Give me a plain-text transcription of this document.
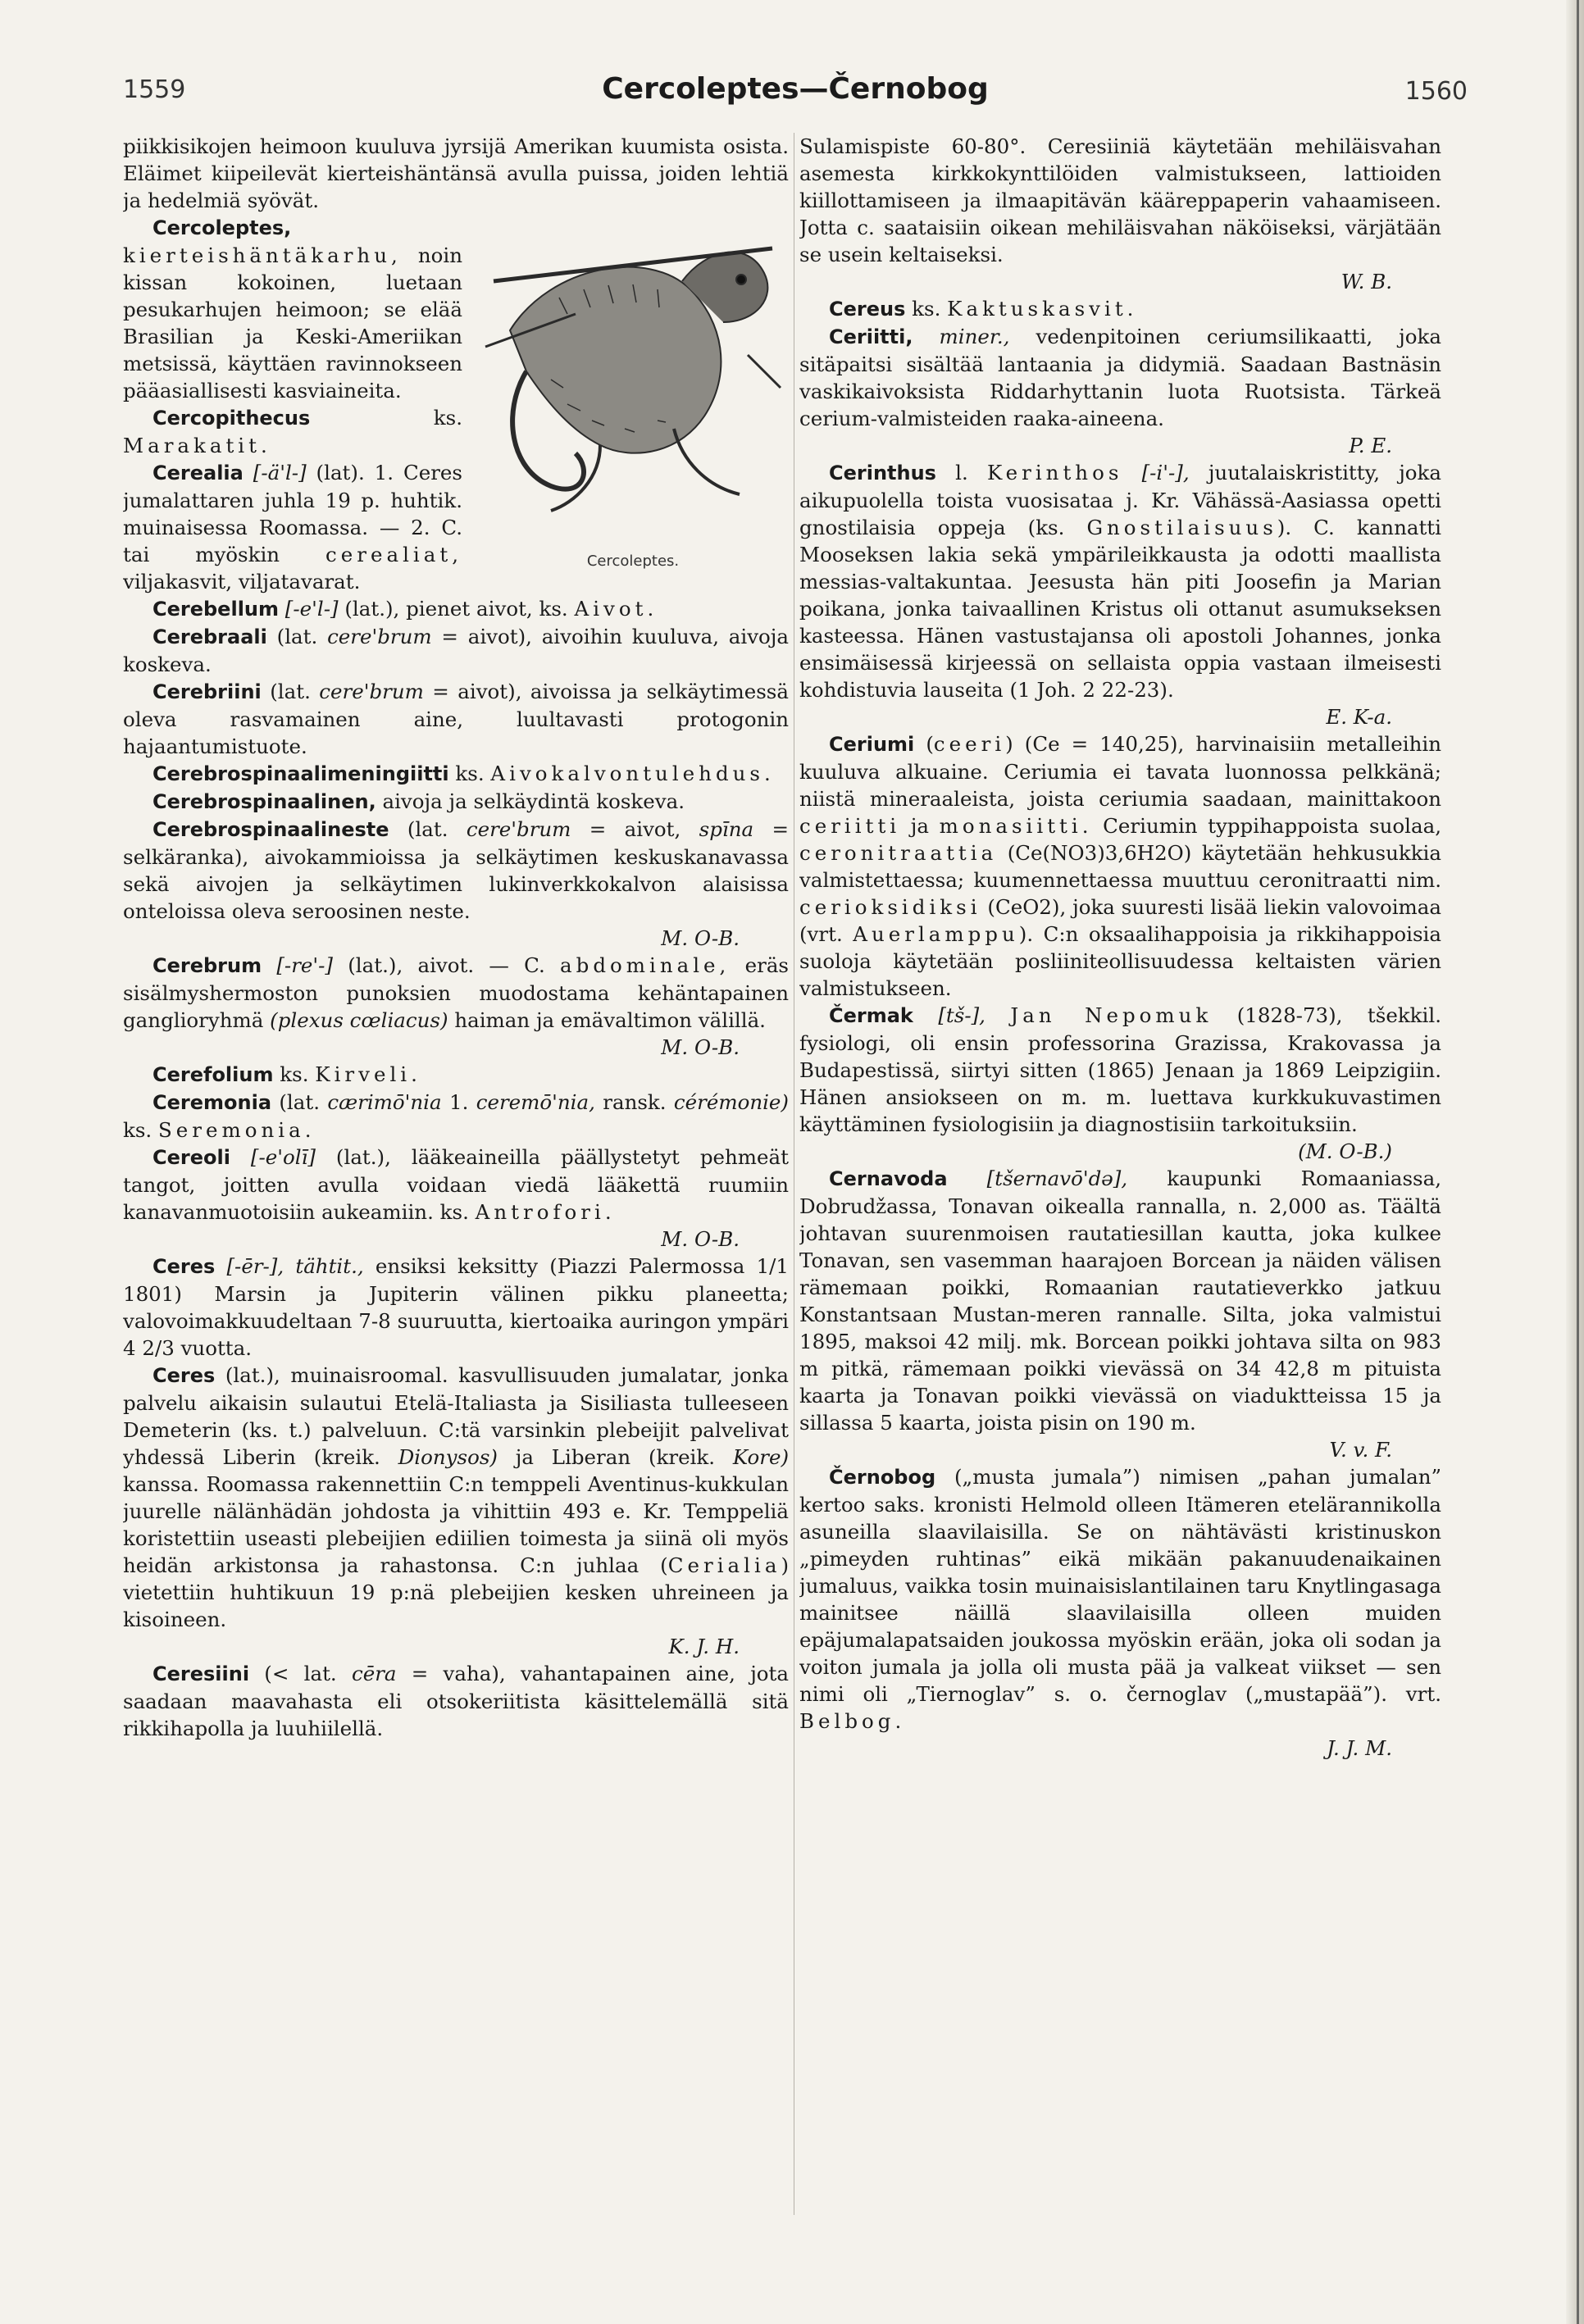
1559	Cercoleptes—Černobog	1560

piikkisikojen heimoon kuuluva jyrsijä Amerikan kuumista osista. Eläimet kiipeilevät kierteishäntänsä avulla puissa, joiden lehtiä ja hedelmiä syövät.

Cercoleptes.

Cercoleptes, kierteishäntäkarhu, noin kissan kokoinen, luetaan pesukarhujen heimoon; se elää Brasilian ja Keski-Ameriikan metsissä, käyttäen ravinnokseen pääasiallisesti kasviaineita.

Cercopithecus ks. Marakatit.

Cerealia [-ä'l-] (lat). 1. Ceres jumalattaren juhla 19 p. huhtik. muinaisessa Roomassa. — 2. C. tai myöskin cerealiat, viljakasvit, viljatavarat.

Cerebellum [-e'l-] (lat.), pienet aivot, ks. Aivot.

Cerebraali (lat. cere'brum = aivot), aivoihin kuuluva, aivoja koskeva.

Cerebriini (lat. cere'brum = aivot), aivoissa ja selkäytimessä oleva rasvamainen aine, luultavasti protogonin hajaantumistuote.

Cerebrospinaalimeningiitti ks. Aivokalvontulehdus.

Cerebrospinaalinen, aivoja ja selkäydintä koskeva.

Cerebrospinaalineste (lat. cere'brum = aivot, spīna = selkäranka), aivokammioissa ja selkäytimen keskuskanavassa sekä aivojen ja selkäytimen lukinverkkokalvon alaisissa onteloissa oleva seroosinen neste.
M. O-B.

Cerebrum [-re'-] (lat.), aivot. — C. abdominale, eräs sisälmyshermoston punoksien muodostama kehäntapainen ganglioryhmä (plexus cœliacus) haiman ja emävaltimon välillä.
M. O-B.

Cerefolium ks. Kirveli.

Ceremonia (lat. cærimō'nia 1. ceremō'nia, ransk. cérémonie) ks. Seremonia.

Cereoli [-e'olī] (lat.), lääkeaineilla päällystetyt pehmeät tangot, joitten avulla voidaan viedä lääkettä ruumiin kanavanmuotoisiin aukeamiin. ks. Antrofori.
M. O-B.

Ceres [-ēr-], tähtit., ensiksi keksitty (Piazzi Palermossa 1/1 1801) Marsin ja Jupiterin välinen pikku planeetta; valovoimakkuudeltaan 7-8 suuruutta, kiertoaika auringon ympäri 4 2/3 vuotta.

Ceres (lat.), muinaisroomal. kasvullisuuden jumalatar, jonka palvelu aikaisin sulautui Etelä-Italiasta ja Sisiliasta tulleeseen Demeterin (ks. t.) palveluun. C:tä varsinkin plebeijit palvelivat yhdessä Liberin (kreik. Dionysos) ja Liberan (kreik. Kore) kanssa. Roomassa rakennettiin C:n temppeli Aventinus-kukkulan juurelle nälänhädän johdosta ja vihittiin 493 e. Kr. Temppeliä koristettiin useasti plebeijien ediilien toimesta ja siinä oli myös heidän arkistonsa ja rahastonsa. C:n juhlaa (Cerialia) vietettiin huhtikuun 19 p:nä plebeijien kesken uhreineen ja kisoineen.
K. J. H.

Ceresiini (< lat. cēra = vaha), vahantapainen aine, jota saadaan maavahasta eli otsokeriitista käsittelemällä sitä rikkihapolla ja luuhiilellä.

Sulamispiste 60-80°. Ceresiiniä käytetään mehiläisvahan asemesta kirkkokynttilöiden valmistukseen, lattioiden kiillottamiseen ja ilmaapitävän kääreppaperin vahaamiseen. Jotta c. saataisiin oikean mehiläisvahan näköiseksi, värjätään se usein keltaiseksi.
W. B.

Cereus ks. Kaktuskasvit.

Ceriitti, miner., vedenpitoinen ceriumsilikaatti, joka sitäpaitsi sisältää lantaania ja didymiä. Saadaan Bastnäsin vaskikaivoksista Riddarhyttanin luota Ruotsista. Tärkeä cerium-valmisteiden raaka-aineena.
P. E.

Cerinthus l. Kerinthos [-i'-], juutalaiskristitty, joka aikupuolella toista vuosisataa j. Kr. Vähässä-Aasiassa opetti gnostilaisia oppeja (ks. Gnostilaisuus). C. kannatti Mooseksen lakia sekä ympärileikkausta ja odotti maallista messias-valtakuntaa. Jeesusta hän piti Joosefin ja Marian poikana, jonka taivaallinen Kristus oli ottanut asumukseksen kasteessa. Hänen vastustajansa oli apostoli Johannes, jonka ensimäisessä kirjeessä on sellaista oppia vastaan ilmeisesti kohdistuvia lauseita (1 Joh. 2 22-23).
E. K-a.

Ceriumi (ceeri) (Ce = 140,25), harvinaisiin metalleihin kuuluva alkuaine. Ceriumia ei tavata luonnossa pelkkänä; niistä mineraaleista, joista ceriumia saadaan, mainittakoon ceriitti ja monasiitti. Ceriumin typpihappoista suolaa, ceronitraattia (Ce(NO3)3,6H2O) käytetään hehkusukkia valmistettaessa; kuumennettaessa muuttuu ceronitraatti nim. cerioksidiksi (CeO2), joka suuresti lisää liekin valovoimaa (vrt. Auerlamppu). C:n oksaalihappoisia ja rikkihappoisia suoloja käytetään posliiniteollisuudessa keltaisten värien valmistukseen.

Čermak [tš-], Jan Nepomuk (1828-73), tšekkil. fysiologi, oli ensin professorina Grazissa, Krakovassa ja Budapestissä, siirtyi sitten (1865) Jenaan ja 1869 Leipzigiin. Hänen ansiokseen on m. m. luettava kurkkukuvastimen käyttäminen fysiologisiin ja diagnostisiin tarkoituksiin.
(M. O-B.)

Cernavoda [tšernavō'də], kaupunki Romaaniassa, Dobrudžassa, Tonavan oikealla rannalla, n. 2,000 as. Täältä johtavan suurenmoisen rautatiesillan kautta, joka kulkee Tonavan, sen vasemman haarajoen Borcean ja näiden välisen rämemaan poikki, Romaanian rautatieverkko jatkuu Konstantsaan Mustan-meren rannalle. Silta, joka valmistui 1895, maksoi 42 milj. mk. Borcean poikki johtava silta on 983 m pitkä, rämemaan poikki vievässä on 34 42,8 m pituista kaarta ja Tonavan poikki vievässä on viaduktteissa 15 ja sillassa 5 kaarta, joista pisin on 190 m.
V. v. F.

Černobog („musta jumala”) nimisen „pahan jumalan” kertoo saks. kronisti Helmold olleen Itämeren etelärannikolla asuneilla slaavilaisilla. Se on nähtävästi kristinuskon „pimeyden ruhtinas” eikä mikään pakanuudenaikainen jumaluus, vaikka tosin muinaisislantilainen taru Knytlingasaga mainitsee näillä slaavilaisilla olleen muiden epäjumalapatsaiden joukossa myöskin erään, joka oli sodan ja voiton jumala ja jolla oli musta pää ja valkeat viikset — sen nimi oli „Tiernoglav” s. o. černoglav („mustapää”). vrt. Belbog.
J. J. M.
